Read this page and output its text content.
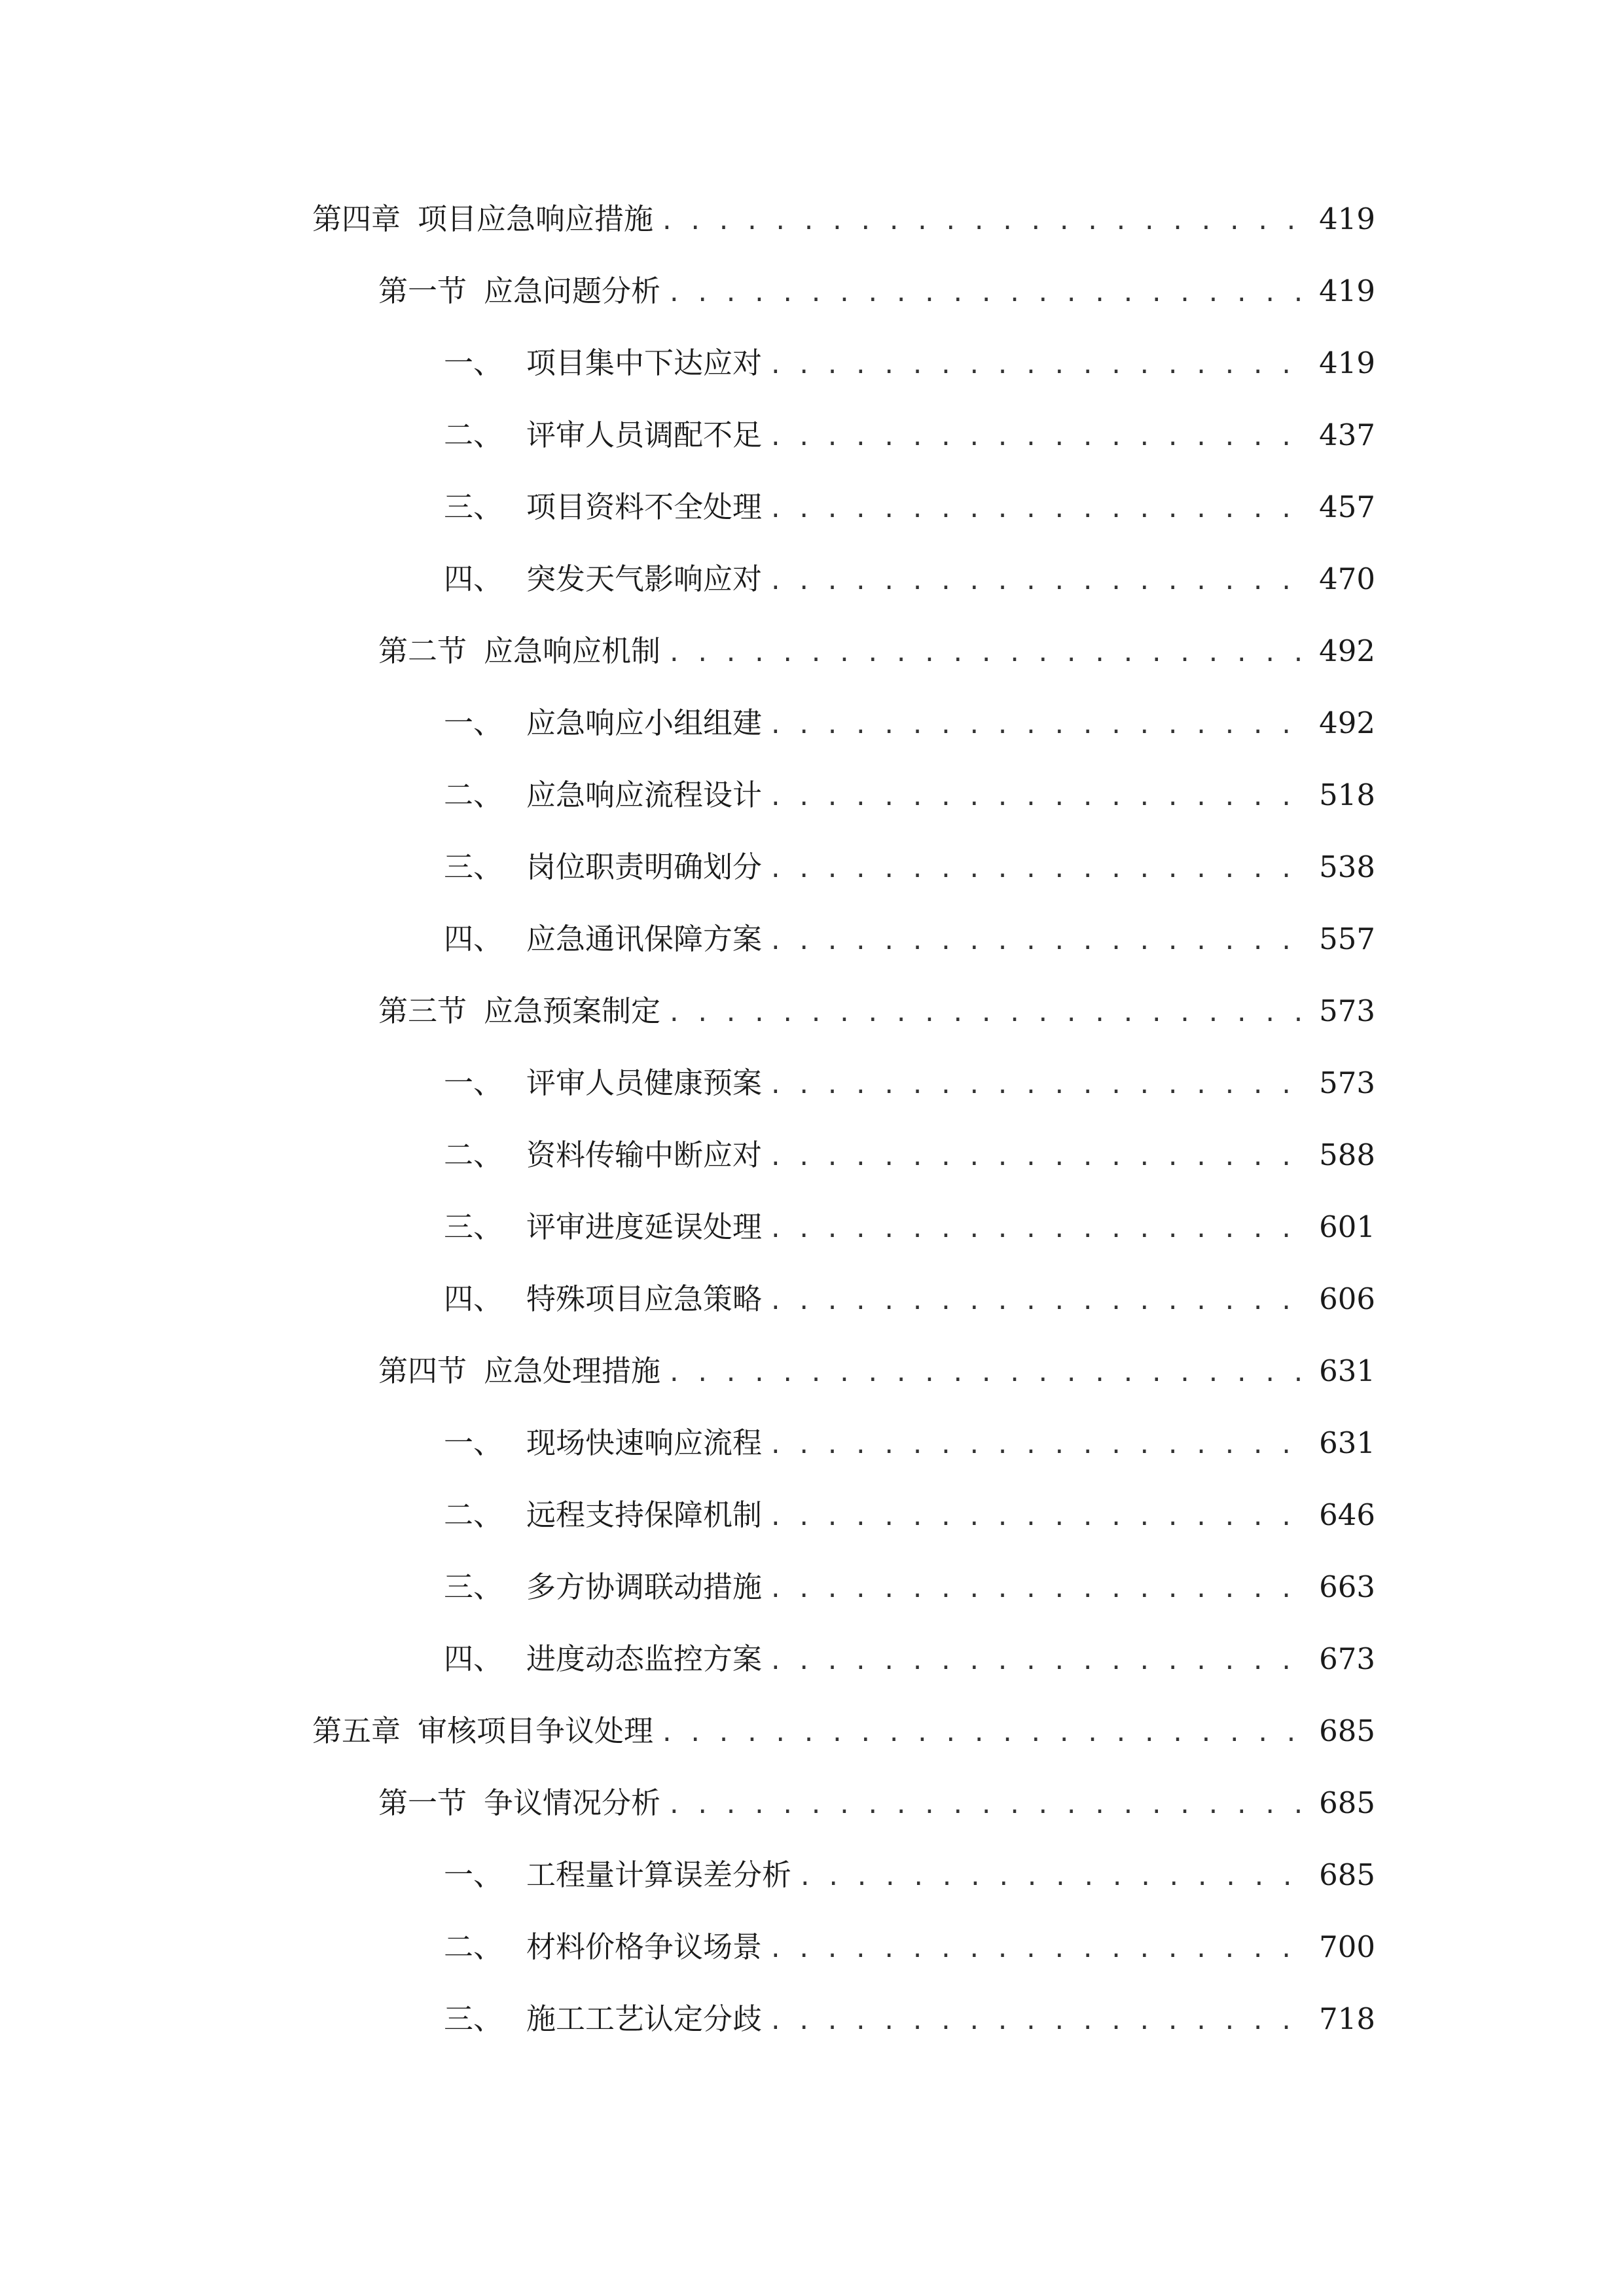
第四章 项目应急响应措施 . . .	419
第一节 应急问题分析 . . .	419
一、 项目集中下达应对 . . .	419
二、 评审人员调配不足 . . .	437
三、 项目资料不全处理 . . .	457
四、 突发天气影响应对 . . .	470
第二节 应急响应机制 . . .	492
一、 应急响应小组组建 . . .	492
二、 应急响应流程设计 . . .	518
三、 岗位职责明确划分 . . .	538
四、 应急通讯保障方案 . . .	557
第三节 应急预案制定 . . .	573
一、 评审人员健康预案 . . .	573
二、 资料传输中断应对 . . .	588
三、 评审进度延误处理 . . .	601
四、 特殊项目应急策略 . . .	606
第四节 应急处理措施 . . .	631
一、 现场快速响应流程 . . .	631
二、 远程支持保障机制 . . .	646
三、 多方协调联动措施 . . .	663
四、 进度动态监控方案 . . .	673
第五章 审核项目争议处理 . . .	685
第一节 争议情况分析 . . .	685
一、 工程量计算误差分析 . . .	685
二、 材料价格争议场景 . . .	700
三、 施工工艺认定分歧 . . .	718
